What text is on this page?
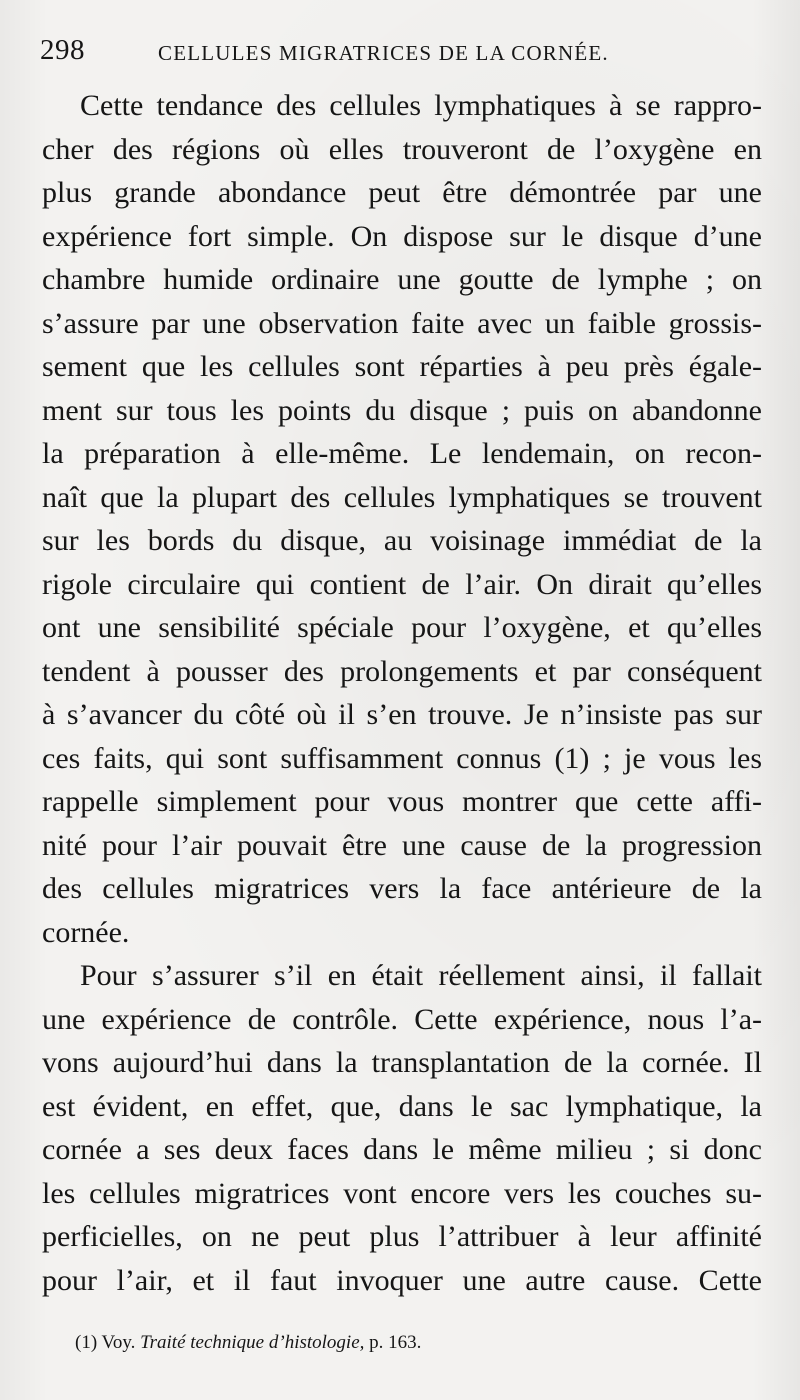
298	CELLULES MIGRATRICES DE LA CORNÉE.
Cette tendance des cellules lymphatiques à se rappro-
cher des régions où elles trouveront de l’oxygène en
plus grande abondance peut être démontrée par une
expérience fort simple. On dispose sur le disque d’une
chambre humide ordinaire une goutte de lymphe ; on
s’assure par une observation faite avec un faible grossis-
sement que les cellules sont réparties à peu près égale-
ment sur tous les points du disque ; puis on abandonne
la préparation à elle-même. Le lendemain, on recon-
naît que la plupart des cellules lymphatiques se trouvent
sur les bords du disque, au voisinage immédiat de la
rigole circulaire qui contient de l’air. On dirait qu’elles
ont une sensibilité spéciale pour l’oxygène, et qu’elles
tendent à pousser des prolongements et par conséquent
à s’avancer du côté où il s’en trouve. Je n’insiste pas sur
ces faits, qui sont suffisamment connus (1) ; je vous les
rappelle simplement pour vous montrer que cette affi-
nité pour l’air pouvait être une cause de la progression
des cellules migratrices vers la face antérieure de la
cornée.
Pour s’assurer s’il en était réellement ainsi, il fallait
une expérience de contrôle. Cette expérience, nous l’a-
vons aujourd’hui dans la transplantation de la cornée. Il
est évident, en effet, que, dans le sac lymphatique, la
cornée a ses deux faces dans le même milieu ; si donc
les cellules migratrices vont encore vers les couches su-
perficielles, on ne peut plus l’attribuer à leur affinité
pour l’air, et il faut invoquer une autre cause. Cette
(1) Voy. Traité technique d’histologie, p. 163.
